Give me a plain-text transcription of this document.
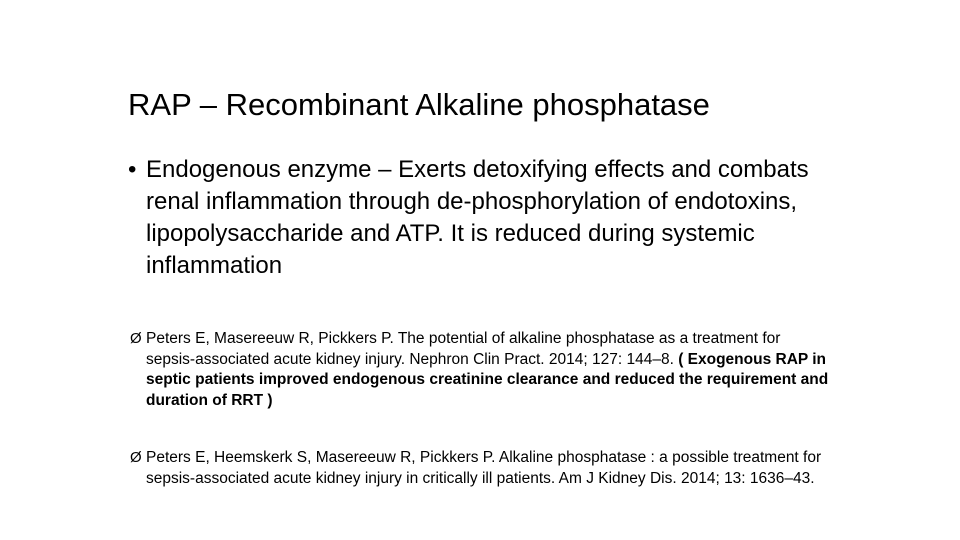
RAP – Recombinant Alkaline phosphatase
• Endogenous enzyme – Exerts detoxifying effects and combats renal inflammation through de-phosphorylation of endotoxins, lipopolysaccharide and ATP. It is reduced during systemic inflammation
Ø Peters E, Masereeuw R, Pickkers P. The potential of alkaline phosphatase as a treatment for sepsis-associated acute kidney injury. Nephron Clin Pract. 2014; 127: 144–8. ( Exogenous RAP in septic patients improved endogenous creatinine clearance and reduced the requirement and duration of RRT )
Ø Peters E, Heemskerk S, Masereeuw R, Pickkers P. Alkaline phosphatase : a possible treatment for sepsis-associated acute kidney injury in critically ill patients. Am J Kidney Dis. 2014; 13: 1636–43.
